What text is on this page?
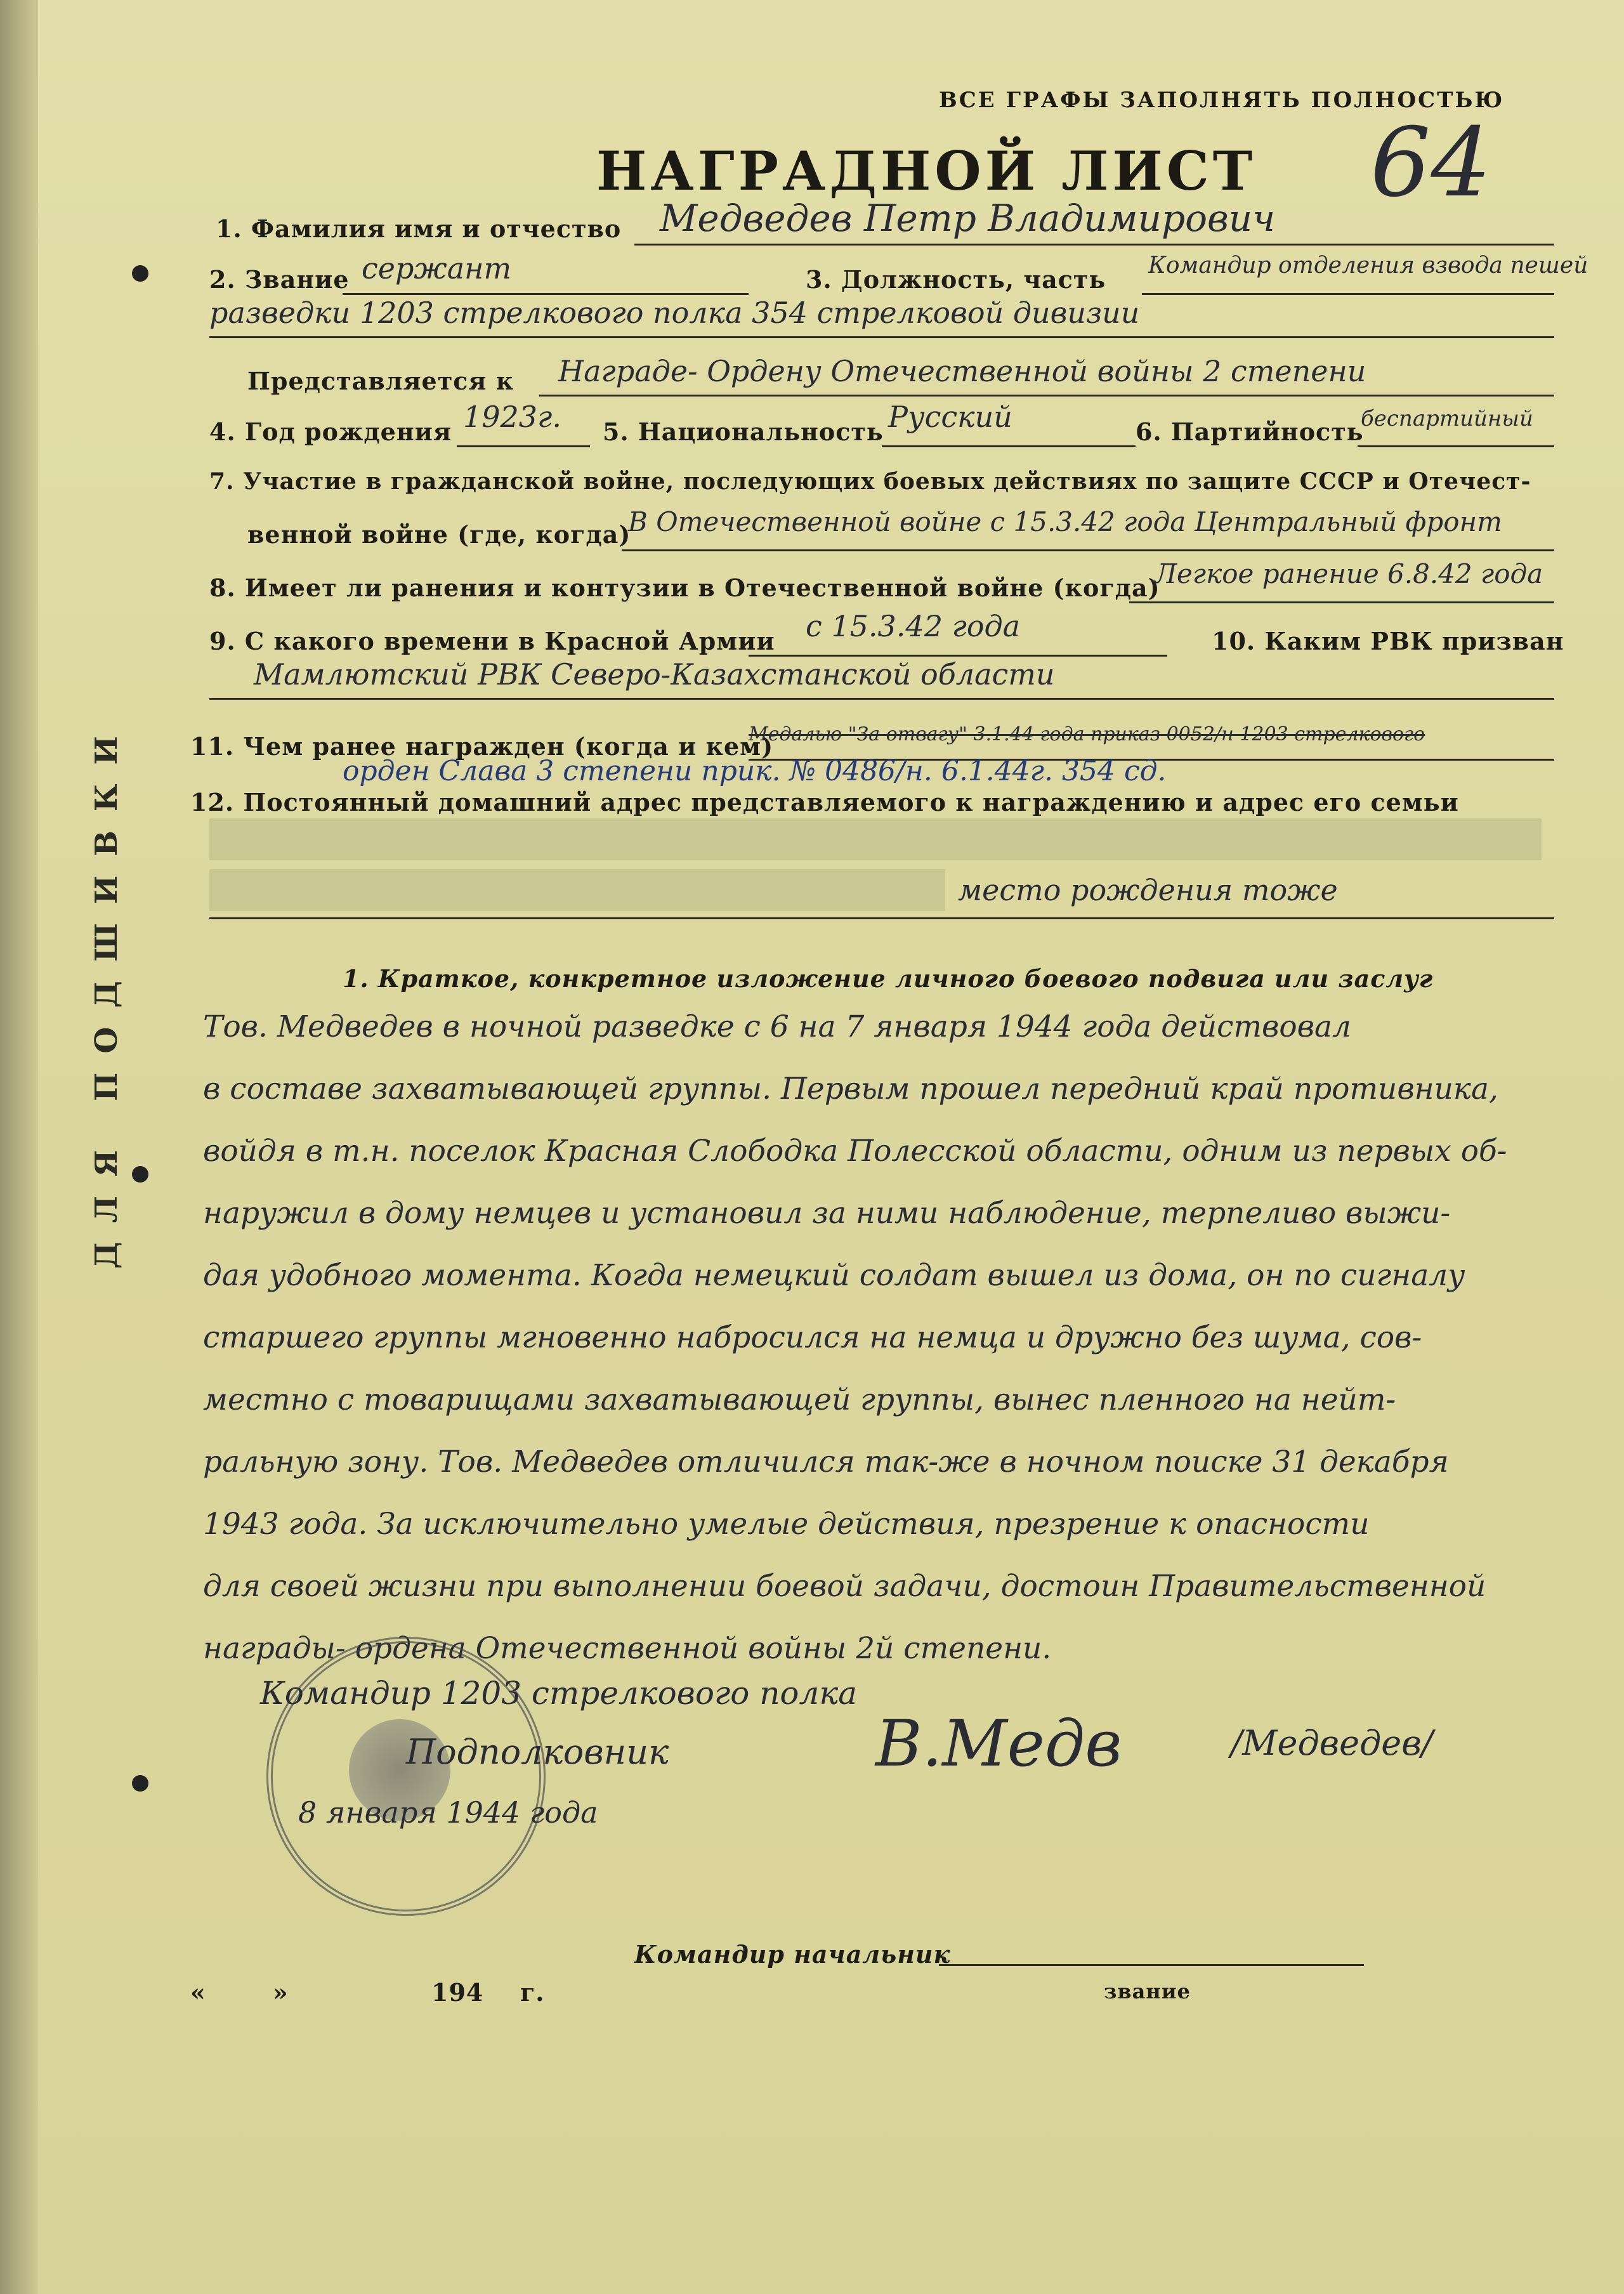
ДЛЯ ПОДШИВКИ
ВСЕ ГРАФЫ ЗАПОЛНЯТЬ ПОЛНОСТЬЮ
64
НАГРАДНОЙ ЛИСТ
1. Фамилия имя и отчество Медведев Петр Владимирович
2. Звание сержант	3. Должность, часть Командир отделения взвода пешей
разведки 1203 стрелкового полка 354 стрелковой дивизии
Представляется к Награде- Ордену Отечественной войны 2 степени
4. Год рождения 1923г. 5. Национальность Русский	6. Партийность
беспартийный
7. Участие в гражданской войне, последующих боевых действиях по защите СССР и Отечест-
венной войне (где, когда)
В Отечественной войне с 15.3.42 года Центральный фронт
8. Имеет ли ранения и контузии в Отечественной войне (когда)
Легкое ранение 6.8.42 года
9. С какого времени в Красной Армии с 15.3.42 года	10. Каким РВК призван
Мамлютский РВК Северо-Казахстанской области
11. Чем ранее награжден (когда и кем)
Медалью "За отвагу" 3.1.44 года приказ 0052/н 1203 стрелкового
орден Слава 3 степени прик. № 0486/н. 6.1.44г. 354 сд.
12. Постоянный домашний адрес представляемого к награждению и адрес его семьи
место рождения тоже
1. Краткое, конкретное изложение личного боевого подвига или заслуг
Тов. Медведев в ночной разведке с 6 на 7 января 1944 года действовал
в составе захватывающей группы. Первым прошел передний край противника,
войдя в т.н. поселок Красная Слободка Полесской области, одним из первых об-
наружил в дому немцев и установил за ними наблюдение, терпеливо выжи-
дая удобного момента. Когда немецкий солдат вышел из дома, он по сигналу
старшего группы мгновенно набросился на немца и дружно без шума, сов-
местно с товарищами захватывающей группы, вынес пленного на нейт-
ральную зону. Тов. Медведев отличился так-же в ночном поиске 31 декабря
1943 года. За исключительно умелые действия, презрение к опасности
для своей жизни при выполнении боевой задачи, достоин Правительственной
награды- ордена Отечественной войны 2й степени.
Командир 1203 стрелкового полка
Подполковник	В.Медв	/Медведев/
8 января 1944 года
Командир начальник
«	»	194 г.	звание
